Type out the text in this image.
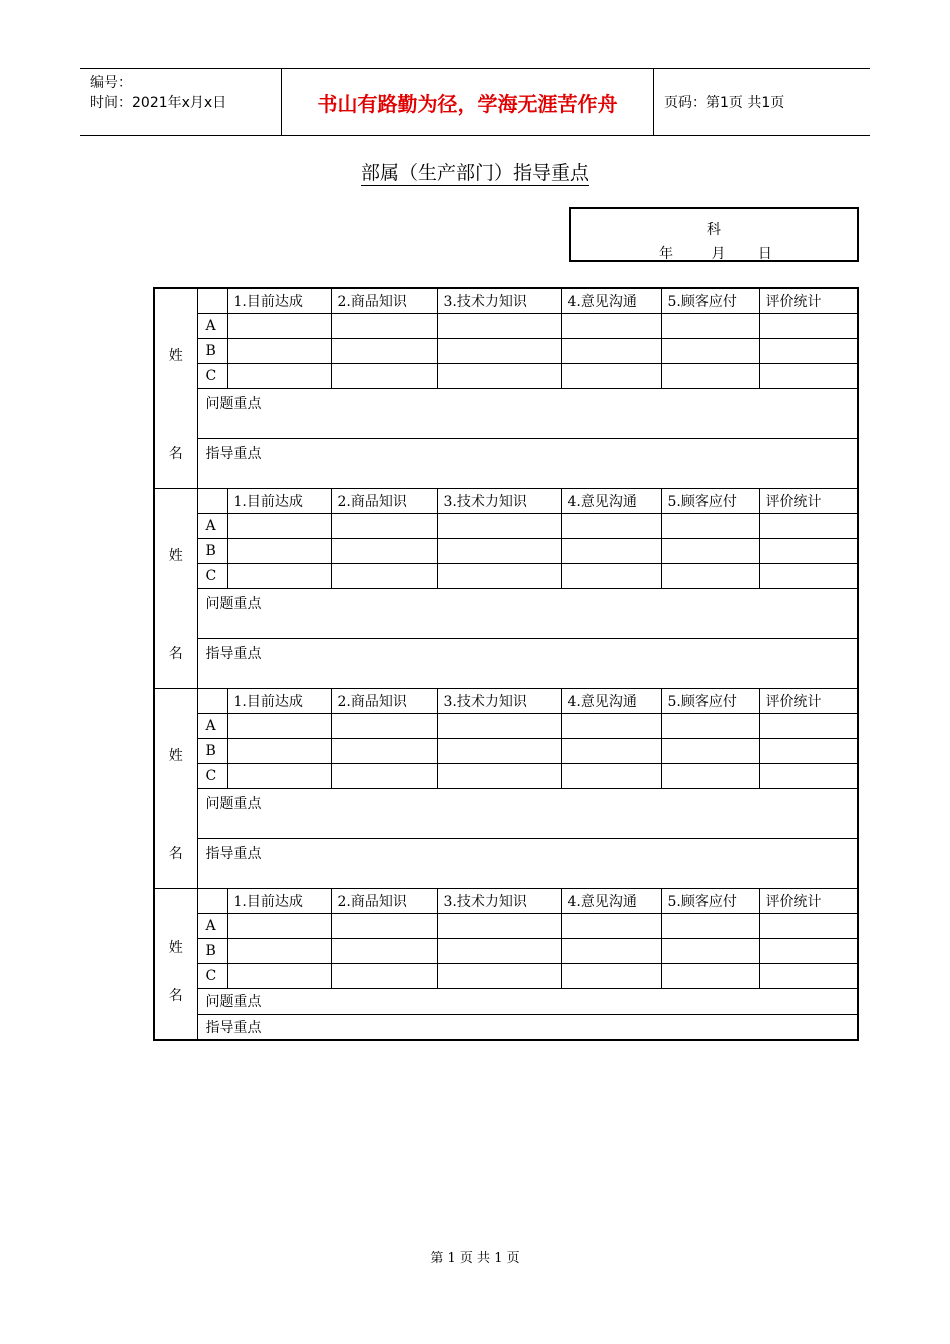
编号：
时间：2021年x月x日	书山有路勤为径，学海无涯苦作舟	页码：第1页 共1页
部属（生产部门）指导重点
科
年	月 日
姓
名		1.目前达成	2.商品知识	3.技术力知识	4.意见沟通	5.顾客应付	评价统计
	A						
	B						
	C						
	问题重点						
	指导重点						

姓
名		1.目前达成	2.商品知识	3.技术力知识	4.意见沟通	5.顾客应付	评价统计
	A						
	B						
	C						
	问题重点						
	指导重点						

姓
名		1.目前达成	2.商品知识	3.技术力知识	4.意见沟通	5.顾客应付	评价统计
	A						
	B						
	C						
	问题重点						
	指导重点						

姓
名		1.目前达成	2.商品知识	3.技术力知识	4.意见沟通	5.顾客应付	评价统计
	A						
	B						
	C						
	问题重点						
	指导重点						
第 1 页 共 1 页
